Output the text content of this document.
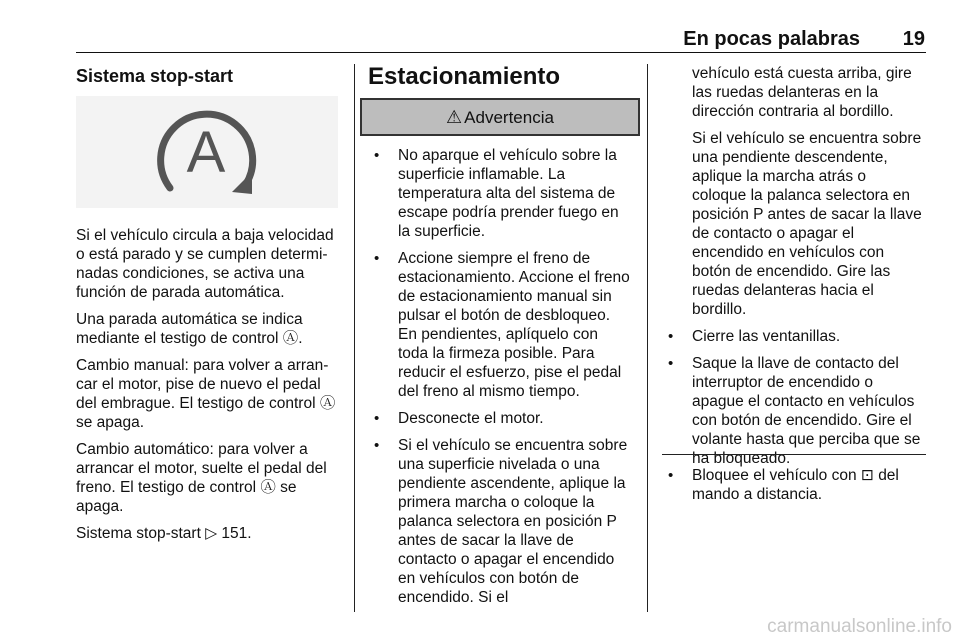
En pocas palabras 19
Sistema stop-start
A

Si el vehículo circula a baja velocidad o está parado y se cumplen determinadas condiciones, se activa una función de parada automática.

Una parada automática se indica mediante el testigo de control Ⓐ.

Cambio manual: para volver a arrancar el motor, pise de nuevo el pedal del embrague. El testigo de control Ⓐ se apaga.

Cambio automático: para volver a arrancar el motor, suelte el pedal del freno. El testigo de control Ⓐ se apaga.

Sistema stop-start ▷ 151.

Estacionamiento
⚠ Advertencia
• No aparque el vehículo sobre la superficie inflamable. La temperatura alta del sistema de escape podría prender fuego en la superficie.
• Accione siempre el freno de estacionamiento. Accione el freno de estacionamiento manual sin pulsar el botón de desbloqueo. En pendientes, aplíquelo con toda la firmeza posible. Para reducir el esfuerzo, pise el pedal del freno al mismo tiempo.
• Desconecte el motor.
• Si el vehículo se encuentra sobre una superficie nivelada o una pendiente ascendente, aplique la primera marcha o coloque la palanca selectora en posición P antes de sacar la llave de contacto o apagar el encendido en vehículos con botón de encendido. Si el

vehículo está cuesta arriba, gire las ruedas delanteras en la dirección contraria al bordillo.

Si el vehículo se encuentra sobre una pendiente descendente, aplique la marcha atrás o coloque la palanca selectora en posición P antes de sacar la llave de contacto o apagar el encendido en vehículos con botón de encendido. Gire las ruedas delanteras hacia el bordillo.

• Cierre las ventanillas.
• Saque la llave de contacto del interruptor de encendido o apague el contacto en vehículos con botón de encendido. Gire el volante hasta que perciba que se ha bloqueado.
• Bloquee el vehículo con ⊡ del mando a distancia.
carmanualsonline.info
